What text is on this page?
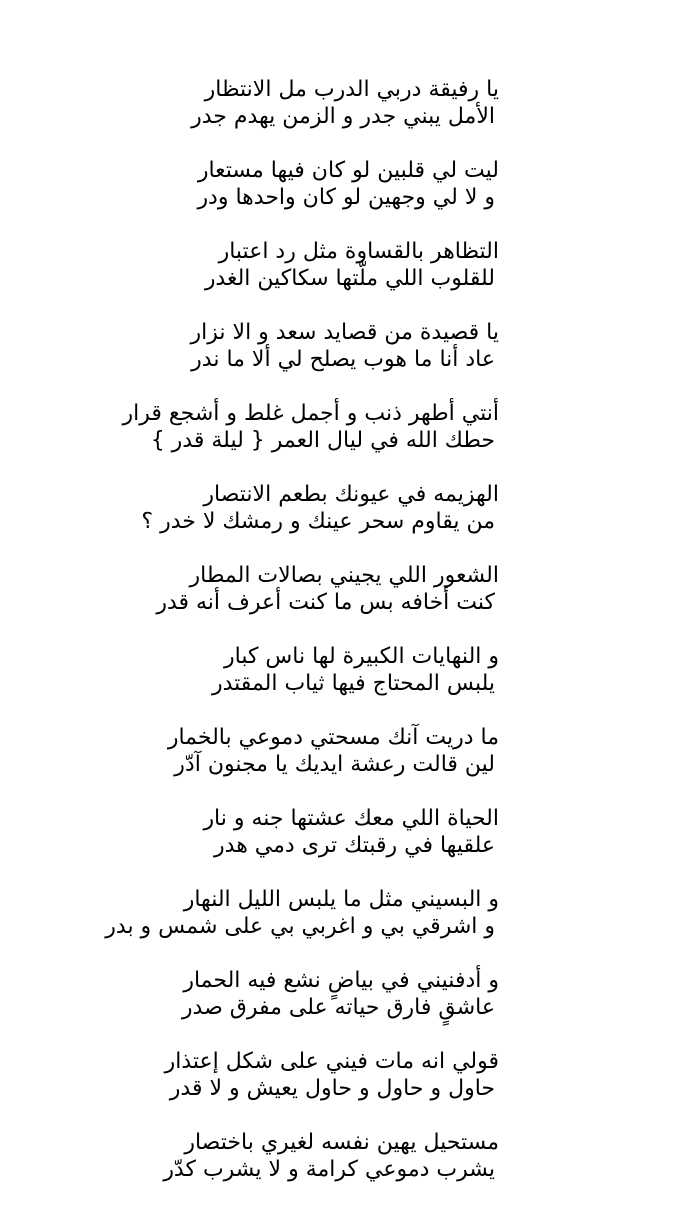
يا رفيقة دربي الدرب مل الانتظار
الأمل يبني جدر و الزمن يهدم جدر
ليت لي قلبين لو كان فيها مستعار
و لا لي وجهين لو كان واحدها ودر
التظاهر بالقساوة مثل رد اعتبار
للقلوب اللي ملّتها سكاكين الغدر
يا قصيدة من قصايد سعد و الا نزار
عاد أنا ما هوب يصلح لي ألا ما ندر
أنتي أطهر ذنب و أجمل غلط و أشجع قرار
حطك الله في ليال العمر { ليلة قدر }
الهزيمه في عيونك بطعم الانتصار
من يقاوم سحر عينك و رمشك لا خدر ؟
الشعور اللي يجيني بصالات المطار
كنت أخافه بس ما كنت أعرف أنه قدر
و النهايات الكبيرة لها ناس كبار
يلبس المحتاج فيها ثياب المقتدر
ما دريت آنك مسحتي دموعي بالخمار
لين قالت رعشة ايديك يا مجنون آدّر
الحياة اللي معك عشتها جنه و نار
علقيها في رقبتك ترى دمي هدر
و البسيني مثل ما يلبس الليل النهار
و اشرقي بي و اغربي بي على شمس و بدر
و أدفنيني في بياضٍ نشع فيه الحمار
عاشقٍ فارق حياته على مفرق صدر
قولي انه مات فيني على شكل إعتذار
حاول و حاول و حاول يعيش و لا قدر
مستحيل يهين نفسه لغيري باختصار
يشرب دموعي كرامة و لا يشرب كدّر
